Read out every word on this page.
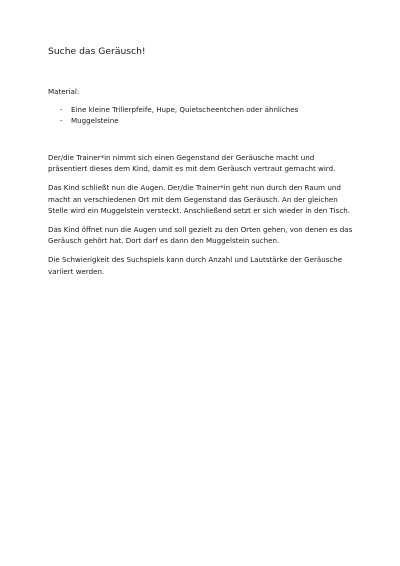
Suche das Geräusch!
Material:
- Eine kleine Trillerpfeife, Hupe, Quietscheentchen oder ähnliches
- Muggelsteine

Der/die Trainer*in nimmt sich einen Gegenstand der Geräusche macht und präsentiert dieses dem Kind, damit es mit dem Geräusch vertraut gemacht wird.

Das Kind schließt nun die Augen. Der/die Trainer*in geht nun durch den Raum und macht an verschiedenen Ort mit dem Gegenstand das Geräusch. An der gleichen Stelle wird ein Muggelstein versteckt. Anschließend setzt er sich wieder in den Tisch.

Das Kind öffnet nun die Augen und soll gezielt zu den Orten gehen, von denen es das Geräusch gehört hat. Dort darf es dann den Muggelstein suchen.

Die Schwierigkeit des Suchspiels kann durch Anzahl und Lautstärke der Geräusche variiert werden.
